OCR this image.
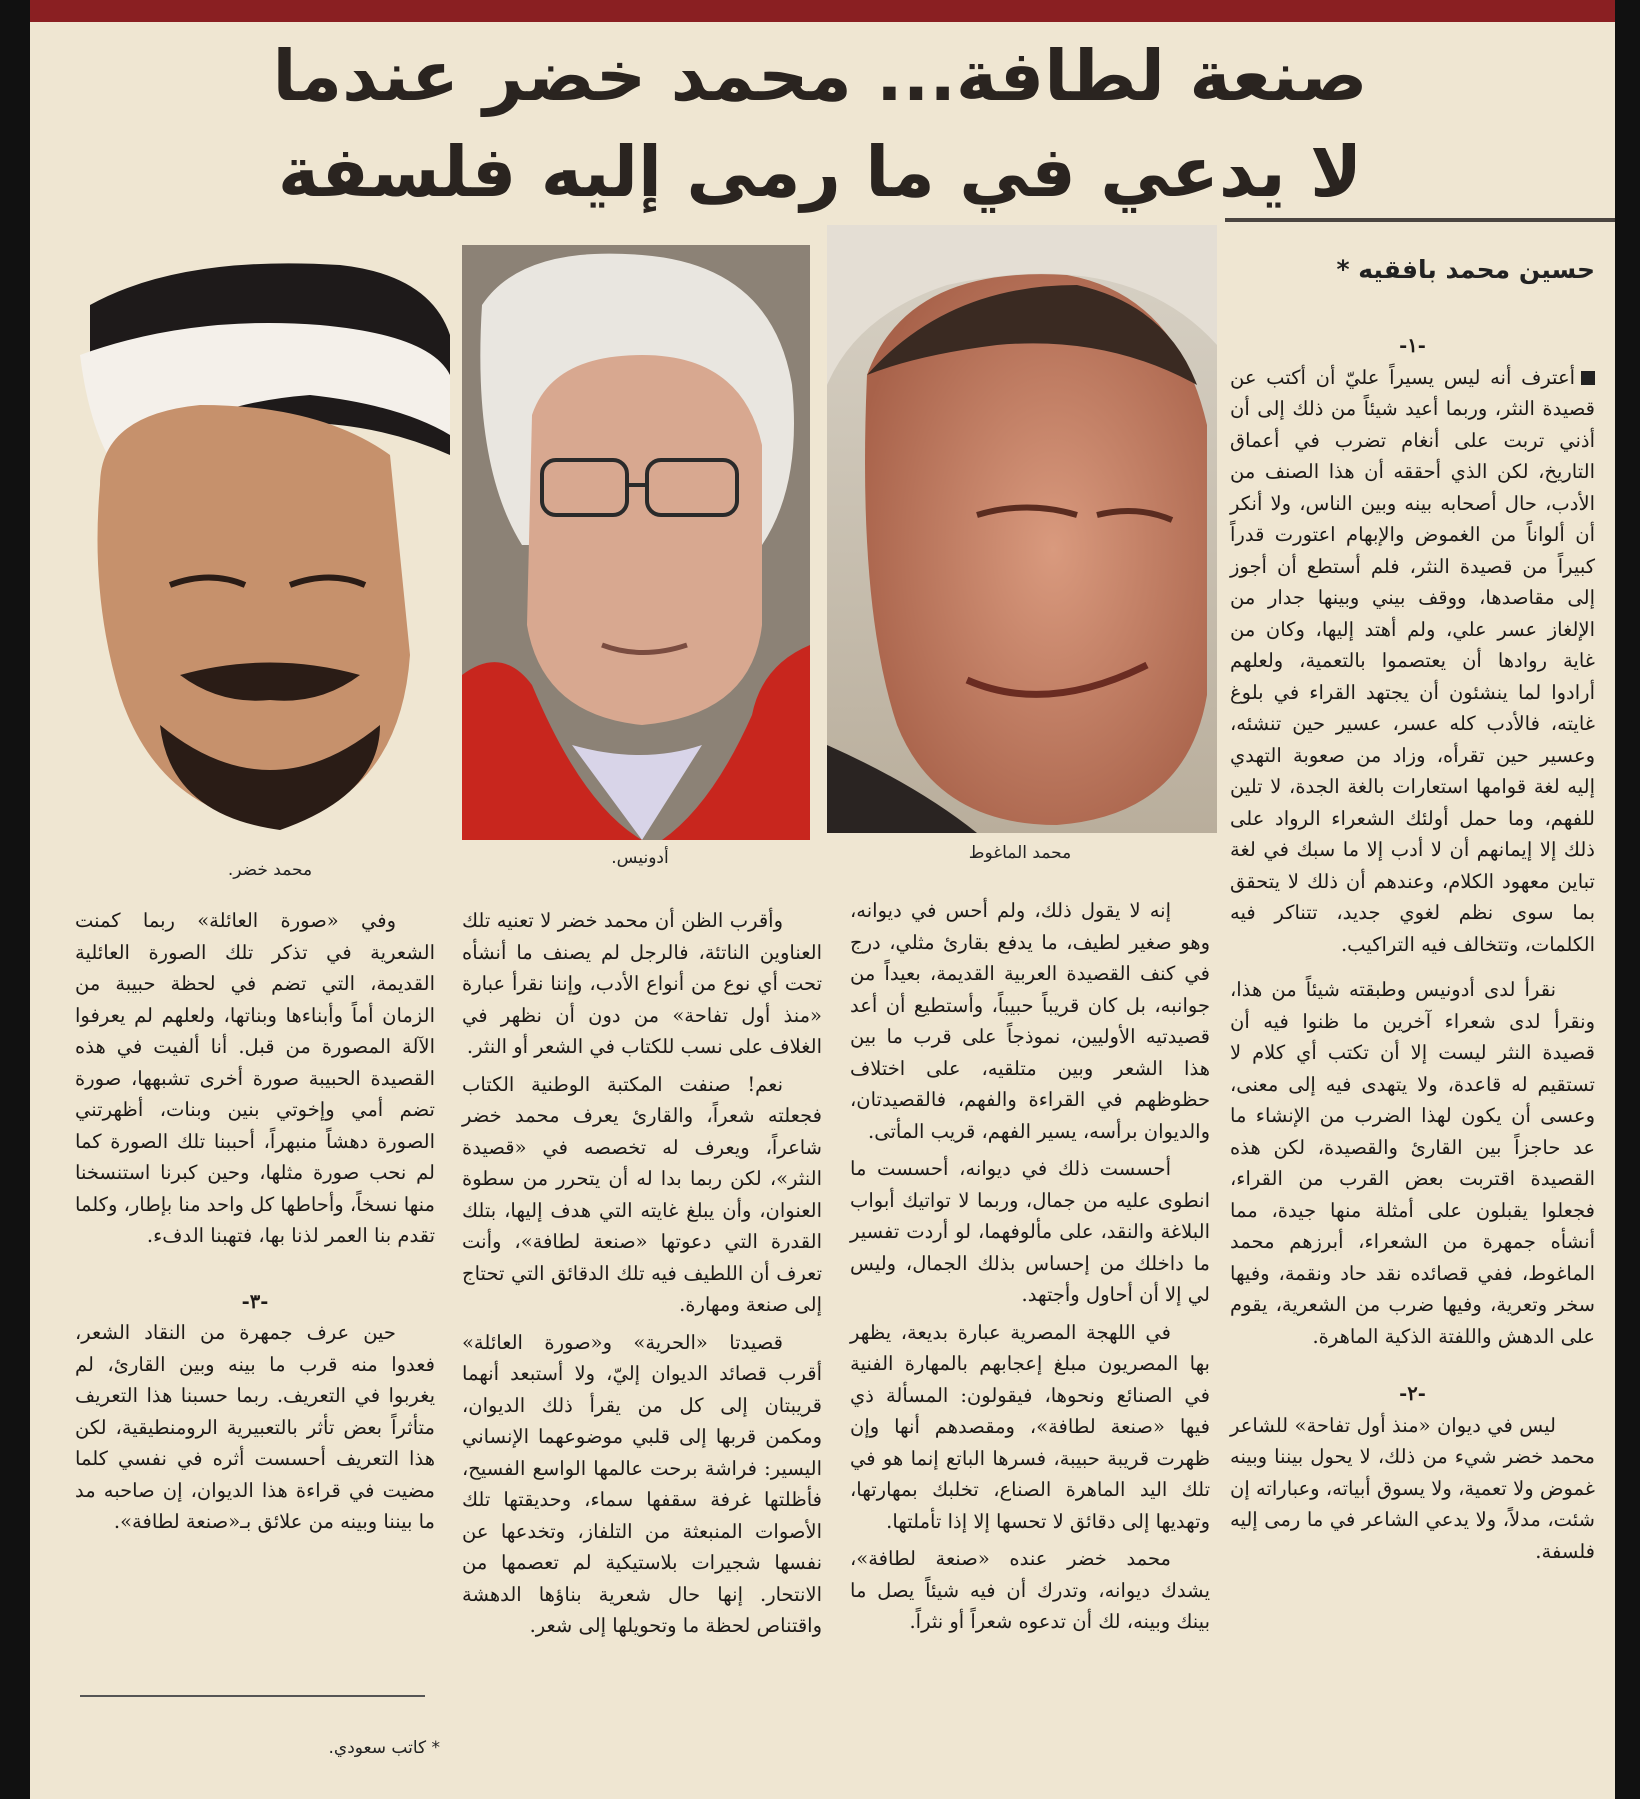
صنعة لطافة... محمد خضر عندما
لا يدعي في ما رمى إليه فلسفة
حسين محمد بافقيه *
محمد الماغوط
أدونيس.
محمد خضر.

-١-

أعترف أنه ليس يسيراً عليّ أن أكتب عن قصيدة النثر، وربما أعيد شيئاً من ذلك إلى أن أذني تربت على أنغام تضرب في أعماق التاريخ، لكن الذي أحققه أن هذا الصنف من الأدب، حال أصحابه بينه وبين الناس، ولا أنكر أن ألواناً من الغموض والإبهام اعتورت قدراً كبيراً من قصيدة النثر، فلم أستطع أن أجوز إلى مقاصدها، ووقف بيني وبينها جدار من الإلغاز عسر علي، ولم أهتد إليها، وكان من غاية روادها أن يعتصموا بالتعمية، ولعلهم أرادوا لما ينشئون أن يجتهد القراء في بلوغ غايته، فالأدب كله عسر، عسير حين تنشئه، وعسير حين تقرأه، وزاد من صعوبة التهدي إليه لغة قوامها استعارات بالغة الجدة، لا تلين للفهم، وما حمل أولئك الشعراء الرواد على ذلك إلا إيمانهم أن لا أدب إلا ما سبك في لغة تباين معهود الكلام، وعندهم أن ذلك لا يتحقق بما سوى نظم لغوي جديد، تتناكر فيه الكلمات، وتتخالف فيه التراكيب.

نقرأ لدى أدونيس وطبقته شيئاً من هذا، ونقرأ لدى شعراء آخرين ما ظنوا فيه أن قصيدة النثر ليست إلا أن تكتب أي كلام لا تستقيم له قاعدة، ولا يتهدى فيه إلى معنى، وعسى أن يكون لهذا الضرب من الإنشاء ما عد حاجزاً بين القارئ والقصيدة، لكن هذه القصيدة اقتربت بعض القرب من القراء، فجعلوا يقبلون على أمثلة منها جيدة، مما أنشأه جمهرة من الشعراء، أبرزهم محمد الماغوط، ففي قصائده نقد حاد ونقمة، وفيها سخر وتعرية، وفيها ضرب من الشعرية، يقوم على الدهش واللفتة الذكية الماهرة.

-٢-

ليس في ديوان «منذ أول تفاحة» للشاعر محمد خضر شيء من ذلك، لا يحول بيننا وبينه غموض ولا تعمية، ولا يسوق أبياته، وعباراته إن شئت، مدلاً، ولا يدعي الشاعر في ما رمى إليه فلسفة.

إنه لا يقول ذلك، ولم أحس في ديوانه، وهو صغير لطيف، ما يدفع بقارئ مثلي، درج في كنف القصيدة العربية القديمة، بعيداً من جوانبه، بل كان قريباً حبيباً، وأستطيع أن أعد قصيدتيه الأوليين، نموذجاً على قرب ما بين هذا الشعر وبين متلقيه، على اختلاف حظوظهم في القراءة والفهم، فالقصيدتان، والديوان برأسه، يسير الفهم، قريب المأتى.

أحسست ذلك في ديوانه، أحسست ما انطوى عليه من جمال، وربما لا تواتيك أبواب البلاغة والنقد، على مألوفهما، لو أردت تفسير ما داخلك من إحساس بذلك الجمال، وليس لي إلا أن أحاول وأجتهد.

في اللهجة المصرية عبارة بديعة، يظهر بها المصريون مبلغ إعجابهم بالمهارة الفنية في الصنائع ونحوها، فيقولون: المسألة ذي فيها «صنعة لطافة»، ومقصدهم أنها وإن ظهرت قريبة حبيبة، فسرها الباتع إنما هو في تلك اليد الماهرة الصناع، تخلبك بمهارتها، وتهديها إلى دقائق لا تحسها إلا إذا تأملتها.

محمد خضر عنده «صنعة لطافة»، يشدك ديوانه، وتدرك أن فيه شيئاً يصل ما بينك وبينه، لك أن تدعوه شعراً أو نثراً.

وأقرب الظن أن محمد خضر لا تعنيه تلك العناوين الناتئة، فالرجل لم يصنف ما أنشأه تحت أي نوع من أنواع الأدب، وإننا نقرأ عبارة «منذ أول تفاحة» من دون أن نظهر في الغلاف على نسب للكتاب في الشعر أو النثر.

نعم! صنفت المكتبة الوطنية الكتاب فجعلته شعراً، والقارئ يعرف محمد خضر شاعراً، ويعرف له تخصصه في «قصيدة النثر»، لكن ربما بدا له أن يتحرر من سطوة العنوان، وأن يبلغ غايته التي هدف إليها، بتلك القدرة التي دعوتها «صنعة لطافة»، وأنت تعرف أن اللطيف فيه تلك الدقائق التي تحتاج إلى صنعة ومهارة.

قصيدتا «الحرية» و«صورة العائلة» أقرب قصائد الديوان إليّ، ولا أستبعد أنهما قريبتان إلى كل من يقرأ ذلك الديوان، ومكمن قربها إلى قلبي موضوعهما الإنساني اليسير: فراشة برحت عالمها الواسع الفسيح، فأظلتها غرفة سقفها سماء، وحديقتها تلك الأصوات المنبعثة من التلفاز، وتخدعها عن نفسها شجيرات بلاستيكية لم تعصمها من الانتحار. إنها حال شعرية بناؤها الدهشة واقتناص لحظة ما وتحويلها إلى شعر.

وفي «صورة العائلة» ربما كمنت الشعرية في تذكر تلك الصورة العائلية القديمة، التي تضم في لحظة حبيبة من الزمان أماً وأبناءها وبناتها، ولعلهم لم يعرفوا الآلة المصورة من قبل. أنا ألفيت في هذه القصيدة الحبيبة صورة أخرى تشبهها، صورة تضم أمي وإخوتي بنين وبنات، أظهرتني الصورة دهشاً منبهراً، أحببنا تلك الصورة كما لم نحب صورة مثلها، وحين كبرنا استنسخنا منها نسخاً، وأحاطها كل واحد منا بإطار، وكلما تقدم بنا العمر لذنا بها، فتهبنا الدفء.

-٣-

حين عرف جمهرة من النقاد الشعر، فعدوا منه قرب ما بينه وبين القارئ، لم يغربوا في التعريف. ربما حسبنا هذا التعريف متأثراً بعض تأثر بالتعبيرية الرومنطيقية، لكن هذا التعريف أحسست أثره في نفسي كلما مضيت في قراءة هذا الديوان، إن صاحبه مد ما بيننا وبينه من علائق بـ«صنعة لطافة».

* كاتب سعودي.
